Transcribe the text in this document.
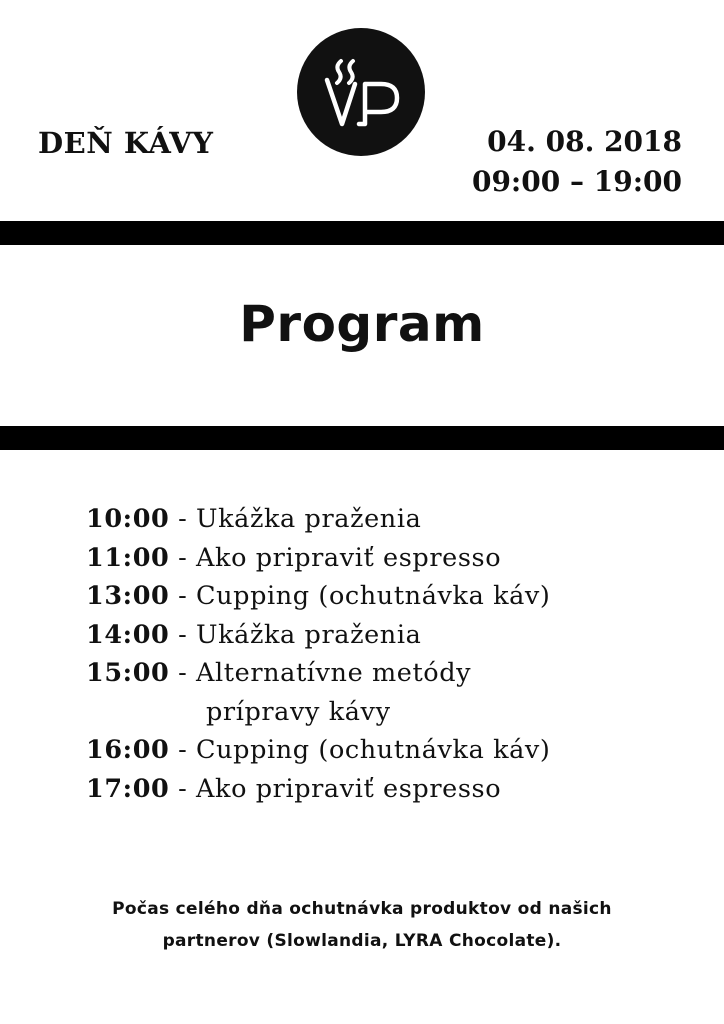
DEŇ KÁVY	04. 08. 2018
09:00 – 19:00
Program
10:00 - Ukážka praženia
11:00 - Ako pripraviť espresso
13:00 - Cupping (ochutnávka káv)
14:00 - Ukážka praženia
15:00 - Alternatívne metódy
prípravy kávy
16:00 - Cupping (ochutnávka káv)
17:00 - Ako pripraviť espresso
Počas celého dňa ochutnávka produktov od našich
partnerov (Slowlandia, LYRA Chocolate).
